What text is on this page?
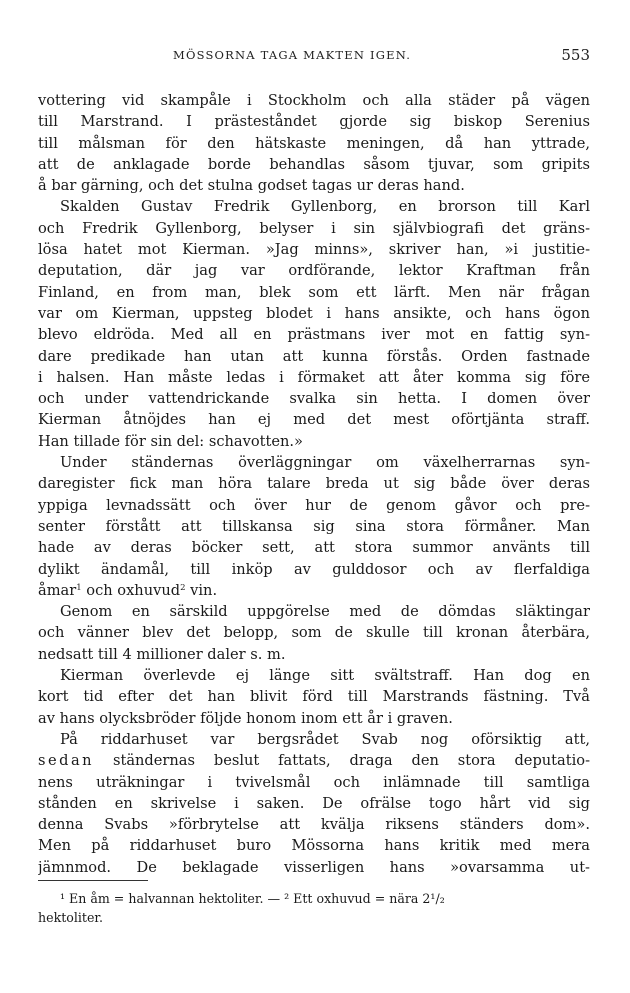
MÖSSORNA TAGA MAKTEN IGEN.	553
vottering vid skampåle i Stockholm och alla städer på vägen
till Marstrand. I prästeståndet gjorde sig biskop Serenius
till målsman för den hätskaste meningen, då han yttrade,
att de anklagade borde behandlas såsom tjuvar, som gripits
å bar gärning, och det stulna godset tagas ur deras hand.
Skalden Gustav Fredrik Gyllenborg, en brorson till Karl
och Fredrik Gyllenborg, belyser i sin självbiografi det gräns-
lösa hatet mot Kierman. »Jag minns», skriver han, »i justitie-
deputation, där jag var ordförande, lektor Kraftman från
Finland, en from man, blek som ett lärft. Men när frågan
var om Kierman, uppsteg blodet i hans ansikte, och hans ögon
blevo eldröda. Med all en prästmans iver mot en fattig syn-
dare predikade han utan att kunna förstås. Orden fastnade
i halsen. Han måste ledas i förmaket att åter komma sig före
och under vattendrickande svalka sin hetta. I domen över
Kierman åtnöjdes han ej med det mest oförtjänta straff.
Han tillade för sin del: schavotten.»
Under ständernas överläggningar om växelherrarnas syn-
daregister fick man höra talare breda ut sig både över deras
yppiga levnadssätt och över hur de genom gåvor och pre-
senter förstått att tillskansa sig sina stora förmåner. Man
hade av deras böcker sett, att stora summor använts till
dylikt ändamål, till inköp av gulddosor och av flerfaldiga
åmar$^1$ och oxhuvud$^2$ vin.
Genom en särskild uppgörelse med de dömdas släktingar
och vänner blev det belopp, som de skulle till kronan återbära,
nedsatt till 4 millioner daler s. m.
Kierman överlevde ej länge sitt svältstraff. Han dog en
kort tid efter det han blivit förd till Marstrands fästning. Två
av hans olycksbröder följde honom inom ett år i graven.
På riddarhuset var bergsrådet Svab nog oförsiktig att,
sedan ständernas beslut fattats, draga den stora deputatio-
nens uträkningar i tvivelsmål och inlämnade till samtliga
stånden en skrivelse i saken. De ofrälse togo hårt vid sig
denna Svabs »förbrytelse att kvälja riksens ständers dom».
Men på riddarhuset buro Mössorna hans kritik med mera
jämnmod. De beklagade visserligen hans »ovarsamma ut-
¹ En åm = halvannan hektoliter. — ² Ett oxhuvud = nära 2¹/₂
hektoliter.
